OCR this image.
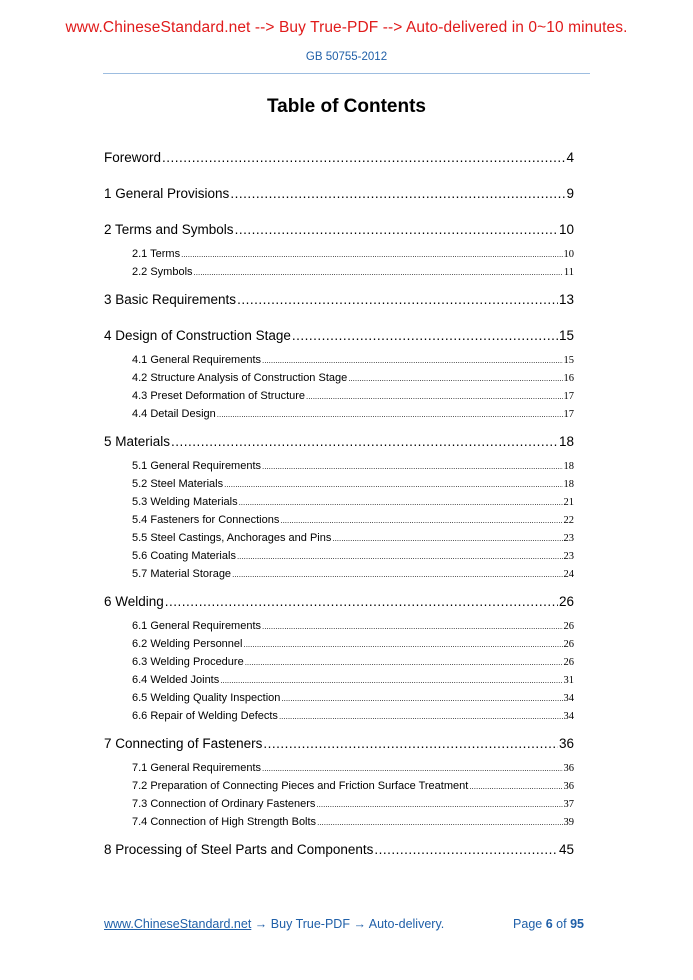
www.ChineseStandard.net --> Buy True-PDF --> Auto-delivered in 0~10 minutes.
GB 50755-2012
Table of Contents
Foreword .....	4
1 General Provisions .....	9
2 Terms and Symbols .....	10
2.1 Terms .....	10
2.2 Symbols .....	11
3 Basic Requirements .....	13
4 Design of Construction Stage .....	15
4.1 General Requirements .....	15
4.2 Structure Analysis of Construction Stage .....	16
4.3 Preset Deformation of Structure .....	17
4.4 Detail Design .....	17
5 Materials .....	18
5.1 General Requirements .....	18
5.2 Steel Materials .....	18
5.3 Welding Materials .....	21
5.4 Fasteners for Connections .....	22
5.5 Steel Castings, Anchorages and Pins .....	23
5.6 Coating Materials .....	23
5.7 Material Storage .....	24
6 Welding .....	26
6.1 General Requirements .....	26
6.2 Welding Personnel .....	26
6.3 Welding Procedure .....	26
6.4 Welded Joints .....	31
6.5 Welding Quality Inspection .....	34
6.6 Repair of Welding Defects .....	34
7 Connecting of Fasteners .....	36
7.1 General Requirements .....	36
7.2 Preparation of Connecting Pieces and Friction Surface Treatment .....	36
7.3 Connection of Ordinary Fasteners .....	37
7.4 Connection of High Strength Bolts .....	39
8 Processing of Steel Parts and Components .....	45
www.ChineseStandard.net → Buy True-PDF → Auto-delivery.	Page 6 of 95
